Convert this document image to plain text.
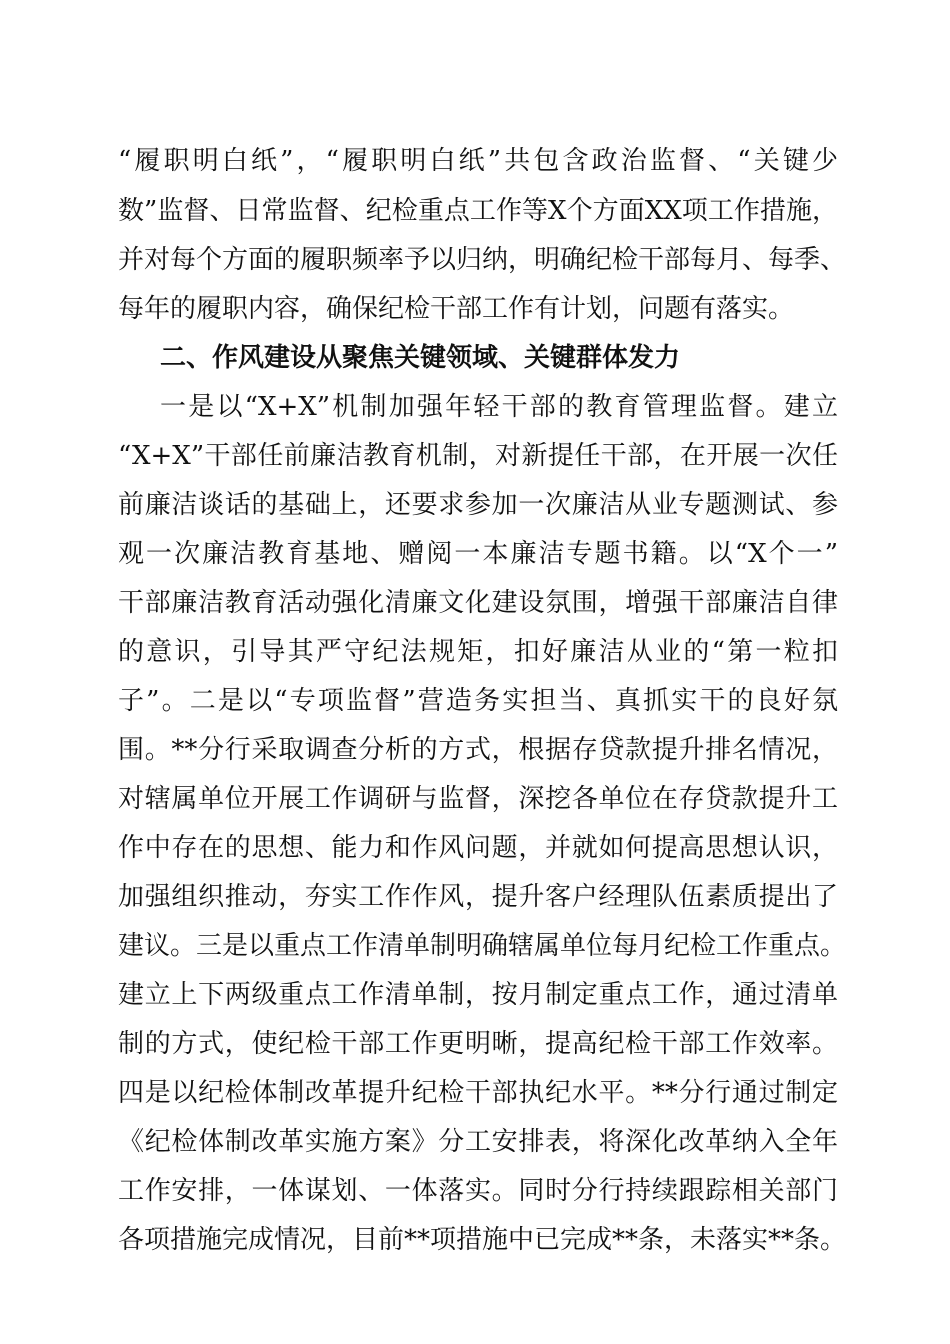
“履职明白纸”，“履职明白纸”共包含政治监督、“关键少
数”监督、日常监督、纪检重点工作等X个方面XX项工作措施，
并对每个方面的履职频率予以归纳，明确纪检干部每月、每季、
每年的履职内容，确保纪检干部工作有计划，问题有落实。
二、作风建设从聚焦关键领域、关键群体发力
一是以“X+X”机制加强年轻干部的教育管理监督。建立
“X+X”干部任前廉洁教育机制，对新提任干部，在开展一次任
前廉洁谈话的基础上，还要求参加一次廉洁从业专题测试、参
观一次廉洁教育基地、赠阅一本廉洁专题书籍。以“X个一”
干部廉洁教育活动强化清廉文化建设氛围，增强干部廉洁自律
的意识，引导其严守纪法规矩，扣好廉洁从业的“第一粒扣
子”。二是以“专项监督”营造务实担当、真抓实干的良好氛
围。**分行采取调查分析的方式，根据存贷款提升排名情况，
对辖属单位开展工作调研与监督，深挖各单位在存贷款提升工
作中存在的思想、能力和作风问题，并就如何提高思想认识，
加强组织推动，夯实工作作风，提升客户经理队伍素质提出了
建议。三是以重点工作清单制明确辖属单位每月纪检工作重点。
建立上下两级重点工作清单制，按月制定重点工作，通过清单
制的方式，使纪检干部工作更明晰，提高纪检干部工作效率。
四是以纪检体制改革提升纪检干部执纪水平。**分行通过制定
《纪检体制改革实施方案》分工安排表，将深化改革纳入全年
工作安排，一体谋划、一体落实。同时分行持续跟踪相关部门
各项措施完成情况，目前**项措施中已完成**条，未落实**条。
